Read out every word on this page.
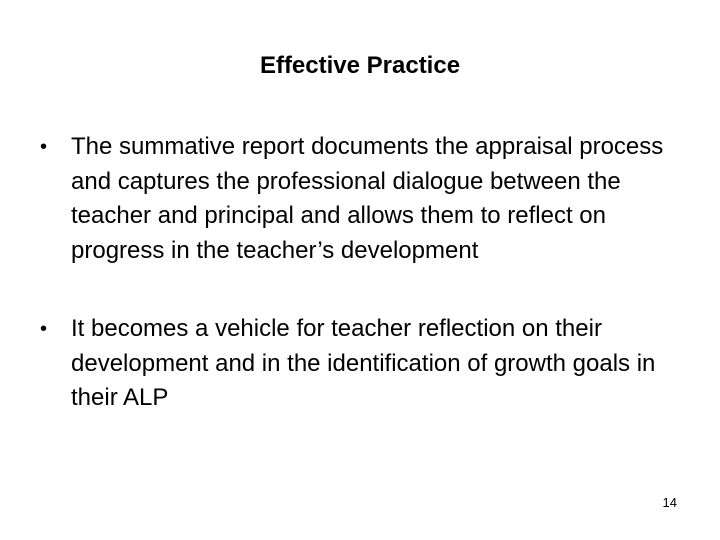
Effective Practice
• The summative report documents the appraisal process and captures the professional dialogue between the teacher and principal and allows them to reflect on progress in the teacher’s development
• It becomes a vehicle for teacher reflection on their development and in the identification of growth goals in their ALP
14
